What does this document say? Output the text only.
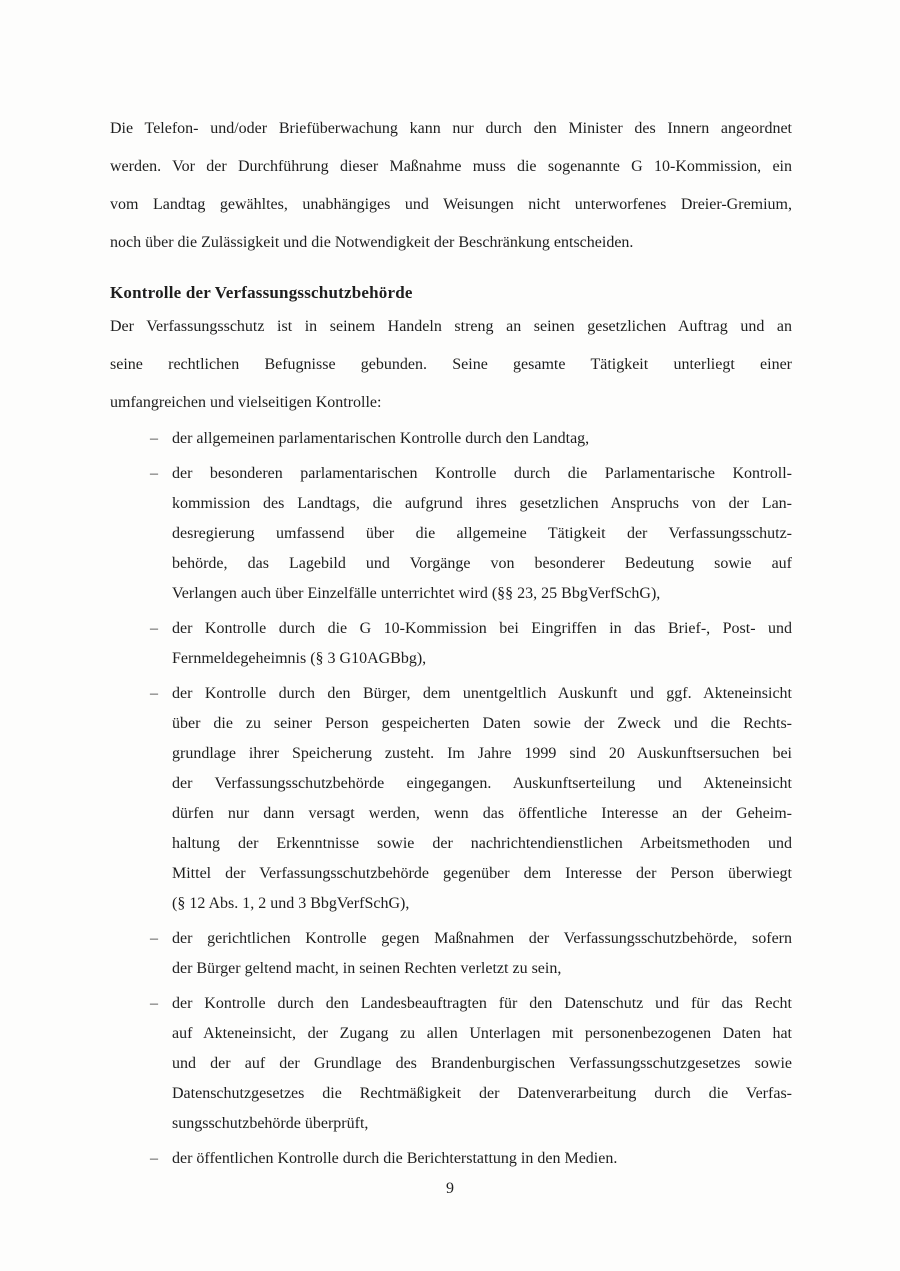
Die Telefon- und/oder Briefüberwachung kann nur durch den Minister des Innern angeordnet
werden. Vor der Durchführung dieser Maßnahme muss die sogenannte G 10-Kommission, ein
vom Landtag gewähltes, unabhängiges und Weisungen nicht unterworfenes Dreier-Gremium,
noch über die Zulässigkeit und die Notwendigkeit der Beschränkung entscheiden.
Kontrolle der Verfassungsschutzbehörde
Der Verfassungsschutz ist in seinem Handeln streng an seinen gesetzlichen Auftrag und an
seine rechtlichen Befugnisse gebunden. Seine gesamte Tätigkeit unterliegt einer
umfangreichen und vielseitigen Kontrolle:
– der allgemeinen parlamentarischen Kontrolle durch den Landtag,
– der besonderen parlamentarischen Kontrolle durch die Parlamentarische Kontroll-
kommission des Landtags, die aufgrund ihres gesetzlichen Anspruchs von der Lan-
desregierung umfassend über die allgemeine Tätigkeit der Verfassungsschutz-
behörde, das Lagebild und Vorgänge von besonderer Bedeutung sowie auf
Verlangen auch über Einzelfälle unterrichtet wird (§§ 23, 25 BbgVerfSchG),
– der Kontrolle durch die G 10-Kommission bei Eingriffen in das Brief-, Post- und
Fernmeldegeheimnis (§ 3 G10AGBbg),
– der Kontrolle durch den Bürger, dem unentgeltlich Auskunft und ggf. Akteneinsicht
über die zu seiner Person gespeicherten Daten sowie der Zweck und die Rechts-
grundlage ihrer Speicherung zusteht. Im Jahre 1999 sind 20 Auskunftsersuchen bei
der Verfassungsschutzbehörde eingegangen. Auskunftserteilung und Akteneinsicht
dürfen nur dann versagt werden, wenn das öffentliche Interesse an der Geheim-
haltung der Erkenntnisse sowie der nachrichtendienstlichen Arbeitsmethoden und
Mittel der Verfassungsschutzbehörde gegenüber dem Interesse der Person überwiegt
(§ 12 Abs. 1, 2 und 3 BbgVerfSchG),
– der gerichtlichen Kontrolle gegen Maßnahmen der Verfassungsschutzbehörde, sofern
der Bürger geltend macht, in seinen Rechten verletzt zu sein,
– der Kontrolle durch den Landesbeauftragten für den Datenschutz und für das Recht
auf Akteneinsicht, der Zugang zu allen Unterlagen mit personenbezogenen Daten hat
und der auf der Grundlage des Brandenburgischen Verfassungsschutzgesetzes sowie
Datenschutzgesetzes die Rechtmäßigkeit der Datenverarbeitung durch die Verfas-
sungsschutzbehörde überprüft,
– der öffentlichen Kontrolle durch die Berichterstattung in den Medien.
9
